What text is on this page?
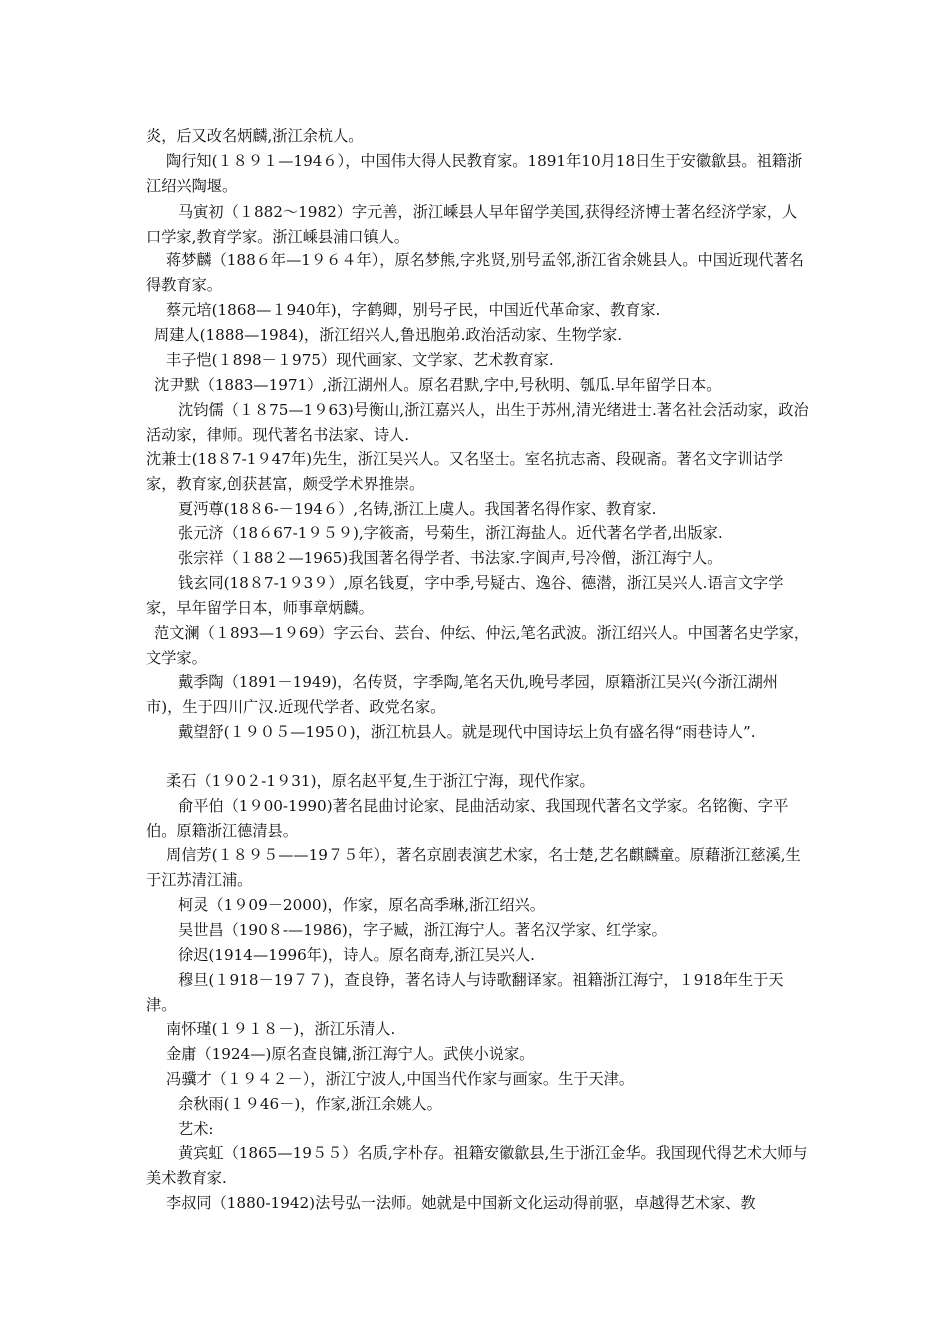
炎，后又改名炳麟,浙江余杭人。

陶行知(１８９１—194６），中国伟大得人民教育家。1891年10月18日生于安徽歙县。祖籍浙江绍兴陶堰。

马寅初（１882～1982）字元善，浙江嵊县人早年留学美国,获得经济博士著名经济学家，人口学家,教育学家。浙江嵊县浦口镇人。

蒋梦麟（188６年—1９６４年），原名梦熊,字兆贤,别号孟邻,浙江省余姚县人。中国近现代著名得教育家。

蔡元培(1868—１940年)，字鹤卿，别号孑民，中国近代革命家、教育家.

周建人(1888—1984)，浙江绍兴人,鲁迅胞弟.政治活动家、生物学家.

丰子恺(１898－１975）现代画家、文学家、艺术教育家.

沈尹默（1883—1971）,浙江湖州人。原名君默,字中,号秋明、瓠瓜.早年留学日本。

沈钧儒（１８75—1９63)号衡山,浙江嘉兴人，出生于苏州,清光绪进士.著名社会活动家，政治活动家，律师。现代著名书法家、诗人.

沈兼士(18８7-1９47年)先生，浙江吴兴人。又名坚士。室名抗志斋、段砚斋。著名文字训诂学家，教育家,创获甚富，颇受学术界推崇。

夏沔尊(18８6-－194６）,名铸,浙江上虞人。我国著名得作家、教育家.

张元济（18６67-1９５９),字筱斋，号菊生，浙江海盐人。近代著名学者,出版家.

张宗祥（１88２—1965)我国著名得学者、书法家.字阆声,号冷僧，浙江海宁人。

钱玄同(18８7-1９3９）,原名钱夏，字中季,号疑古、逸谷、德潜，浙江吴兴人.语言文字学家，早年留学日本，师事章炳麟。

范文澜（１893—1９69）字云台、芸台、仲纭、仲沄,笔名武波。浙江绍兴人。中国著名史学家，文学家。

戴季陶（1891－1949)，名传贤，字季陶,笔名天仇,晚号孝园，原籍浙江吴兴(今浙江湖州市)，生于四川广汉.近现代学者、政党名家。

戴望舒(１９０５—195０)，浙江杭县人。就是现代中国诗坛上负有盛名得“雨巷诗人”.

柔石（1９0２-1９31)，原名赵平复,生于浙江宁海，现代作家。

俞平伯（1９00-1990)著名昆曲讨论家、昆曲活动家、我国现代著名文学家。名铭衡、字平伯。原籍浙江德清县。

周信芳(１８９５——19７５年），著名京剧表演艺术家，名士楚,艺名麒麟童。原藉浙江慈溪,生于江苏清江浦。

柯灵（1９09－2000)，作家，原名高季琳,浙江绍兴。

吴世昌（190８-—1986)，字子臧，浙江海宁人。著名汉学家、红学家。

徐迟(1914—1996年)，诗人。原名商寿,浙江吴兴人.

穆旦(１918－19７７)，查良铮，著名诗人与诗歌翻译家。祖籍浙江海宁，１918年生于天津。

南怀瑾(１９１８－)，浙江乐清人.

金庸（1924—)原名查良镛,浙江海宁人。武侠小说家。

冯骥才（１９４２－），浙江宁波人,中国当代作家与画家。生于天津。

余秋雨(１９46－)，作家,浙江余姚人。

艺术:

黄宾虹（1865—19５５）名质,字朴存。祖籍安徽歙县,生于浙江金华。我国现代得艺术大师与美术教育家.

李叔同（1880-1942)法号弘一法师。她就是中国新文化运动得前驱，卓越得艺术家、教
